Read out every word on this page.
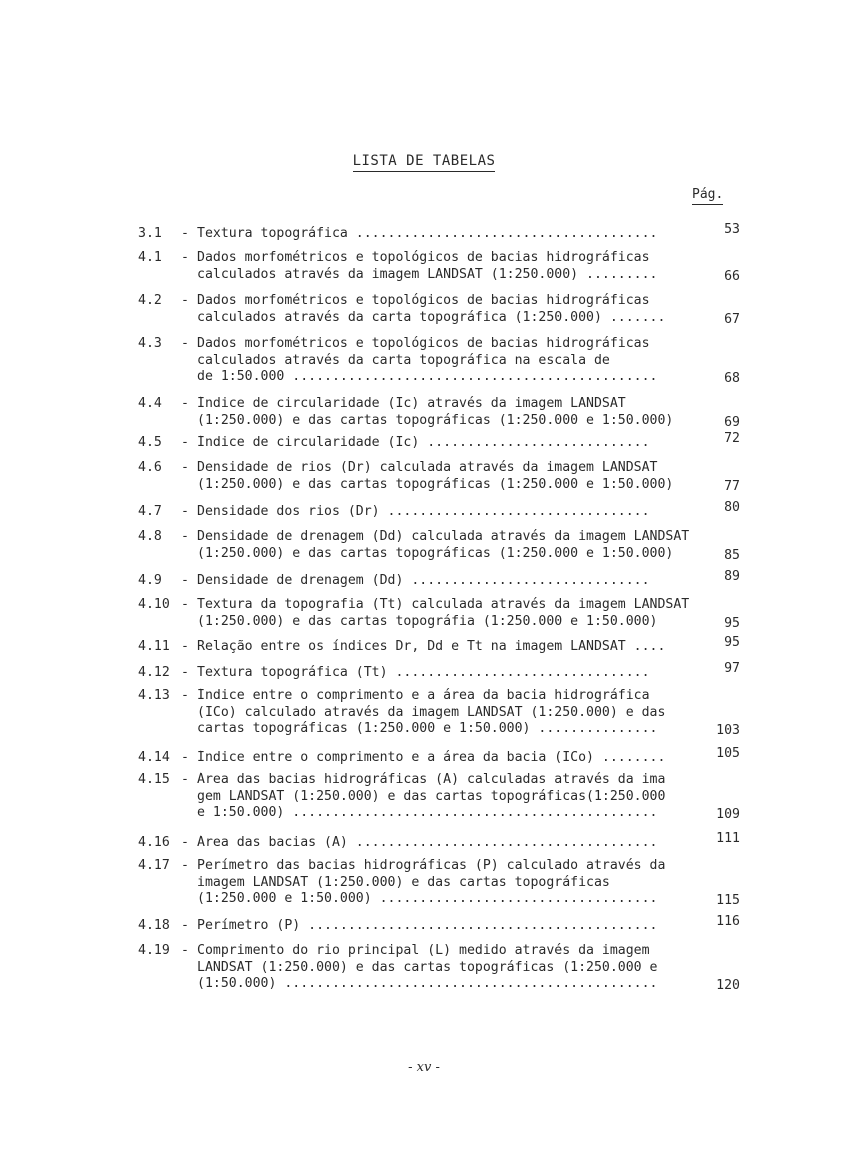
LISTA DE TABELAS
Pág.
3.1	- Textura topográfica ......................................	53
4.1	- Dados morfométricos e topológicos de bacias hidrográficas
calculados através da imagem LANDSAT (1:250.000) .........	66
4.2	- Dados morfométricos e topológicos de bacias hidrográficas
calculados através da carta topográfica (1:250.000) .......	67
4.3	- Dados morfométricos e topológicos de bacias hidrográficas
calculados através da carta topográfica na escala de
de 1:50.000 ..............................................	68
4.4	- Índice de circularidade (Ic) através da imagem LANDSAT
(1:250.000) e das cartas topográficas (1:250.000 e 1:50.000)	69
4.5	- Índice de circularidade (Ic) ............................	72
4.6	- Densidade de rios (Dr) calculada através da imagem LANDSAT
(1:250.000) e das cartas topográficas (1:250.000 e 1:50.000)	77
4.7	- Densidade dos rios (Dr) .................................	80
4.8	- Densidade de drenagem (Dd) calculada através da imagem LANDSAT
(1:250.000) e das cartas topográficas (1:250.000 e 1:50.000)	85
4.9	- Densidade de drenagem (Dd) ..............................	89
4.10 - Textura da topografia (Tt) calculada através da imagem LANDSAT
(1:250.000) e das cartas topográfia (1:250.000 e 1:50.000)	95
4.11 - Relação entre os índices Dr, Dd e Tt na imagem LANDSAT ....	95
4.12 - Textura topográfica (Tt) ................................	97
4.13 - Índice entre o comprimento e a área da bacia hidrográfica
(ICo) calculado através da imagem LANDSAT (1:250.000) e das
cartas topográficas (1:250.000 e 1:50.000) ...............	103
4.14 - Índice entre o comprimento e a área da bacia (ICo) ........	105
4.15 - Área das bacias hidrográficas (A) calculadas através da ima
gem LANDSAT (1:250.000) e das cartas topográficas(1:250.000
e 1:50.000) ..............................................	109
4.16 - Área das bacias (A) ......................................	111
4.17 - Perímetro das bacias hidrográficas (P) calculado através da
imagem LANDSAT (1:250.000) e das cartas topográficas
(1:250.000 e 1:50.000) ...................................	115
4.18 - Perímetro (P) ............................................	116
4.19 - Comprimento do rio principal (L) medido através da imagem
LANDSAT (1:250.000) e das cartas topográficas (1:250.000 e
(1:50.000) ...............................................	120
- xv -
